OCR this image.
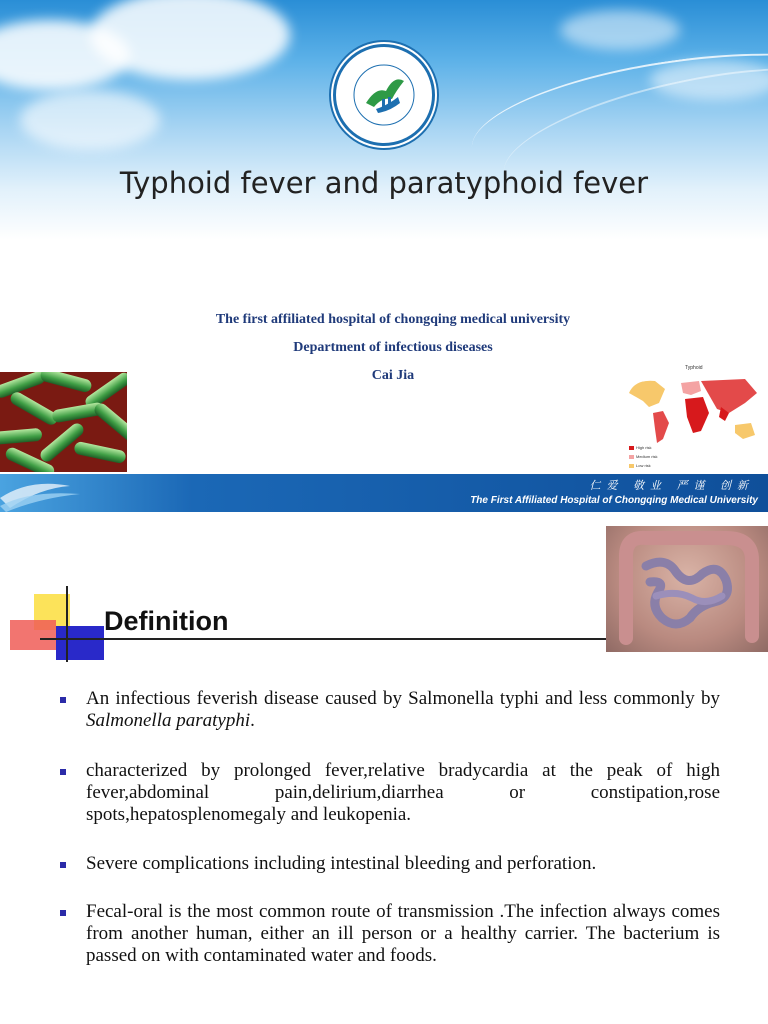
Typhoid fever and paratyphoid fever
The first affiliated hospital of chongqing medical university
Department of infectious diseases
Cai Jia	Typhoid
High risk
Medium risk
Low risk
仁爱 敬业 严谨 创新
The First Affiliated Hospital of Chongqing Medical University
Definition
An infectious feverish disease caused by Salmonella typhi and less commonly by Salmonella paratyphi.
characterized by prolonged fever,relative bradycardia at the peak of high fever,abdominal pain,delirium,diarrhea or constipation,rose spots,hepatosplenomegaly and leukopenia.
Severe complications including intestinal bleeding and perforation.
Fecal-oral is the most common route of transmission .The infection always comes from another human, either an ill person or a healthy carrier. The bacterium is passed on with contaminated water and foods.
